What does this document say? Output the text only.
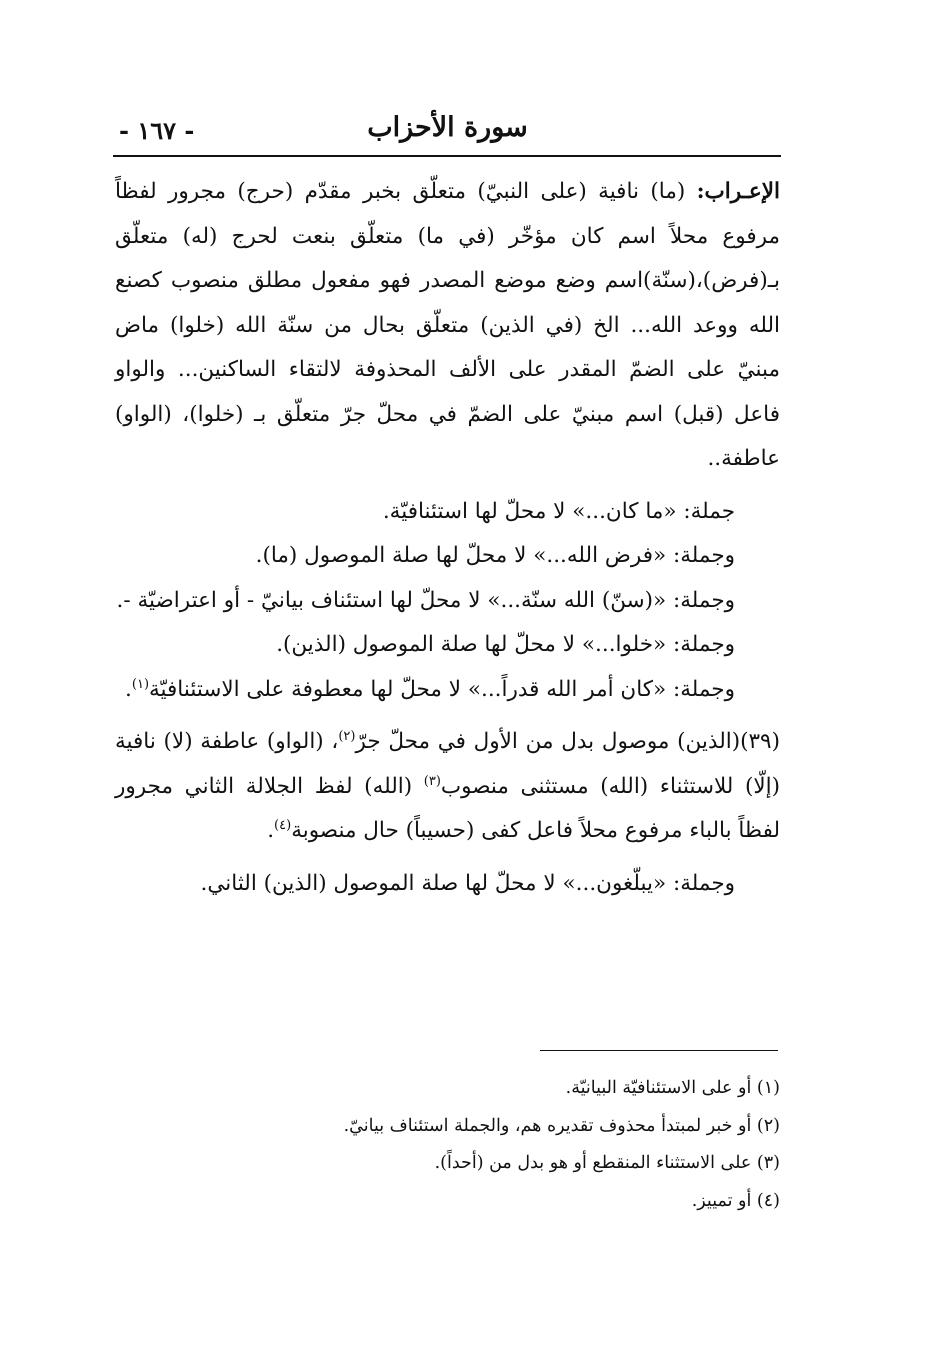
سورة الأحزاب
- ١٦٧ -

الإعـراب: (ما) نافية (على النبيّ) متعلّق بخبر مقدّم (حرج) مجرور لفظاً مرفوع محلاً اسم كان مؤخّر (في ما) متعلّق بنعت لحرج (له) متعلّق بـ(فرض)،(سنّة)اسم وضع موضع المصدر فهو مفعول مطلق منصوب كصنع الله ووعد الله... الخ (في الذين) متعلّق بحال من سنّة الله (خلوا) ماض مبنيّ على الضمّ المقدر على الألف المحذوفة لالتقاء الساكنين... والواو فاعل (قبل) اسم مبنيّ على الضمّ في محلّ جرّ متعلّق بـ (خلوا)، (الواو) عاطفة..

جملة: «ما كان...» لا محلّ لها استئنافيّة.

وجملة: «فرض الله...» لا محلّ لها صلة الموصول (ما).

وجملة: «(سنّ) الله سنّة...» لا محلّ لها استئناف بيانيّ - أو اعتراضيّة -.

وجملة: «خلوا...» لا محلّ لها صلة الموصول (الذين).

وجملة: «كان أمر الله قدراً...» لا محلّ لها معطوفة على الاستئنافيّة$^{(١)}$.

(٣٩)(الذين) موصول بدل من الأول في محلّ جرّ$^{(٢)}$، (الواو) عاطفة (لا) نافية (إلّا) للاستثناء (الله) مستثنى منصوب$^{(٣)}$ (الله) لفظ الجلالة الثاني مجرور لفظاً بالباء مرفوع محلاً فاعل كفى (حسيباً) حال منصوبة$^{(٤)}$.

وجملة: «يبلّغون...» لا محلّ لها صلة الموصول (الذين) الثاني.

(١) أو على الاستئنافيّة البيانيّة.

(٢) أو خبر لمبتدأ محذوف تقديره هم، والجملة استئناف بيانيّ.

(٣) على الاستثناء المنقطع أو هو بدل من (أحداً).

(٤) أو تمييز.
